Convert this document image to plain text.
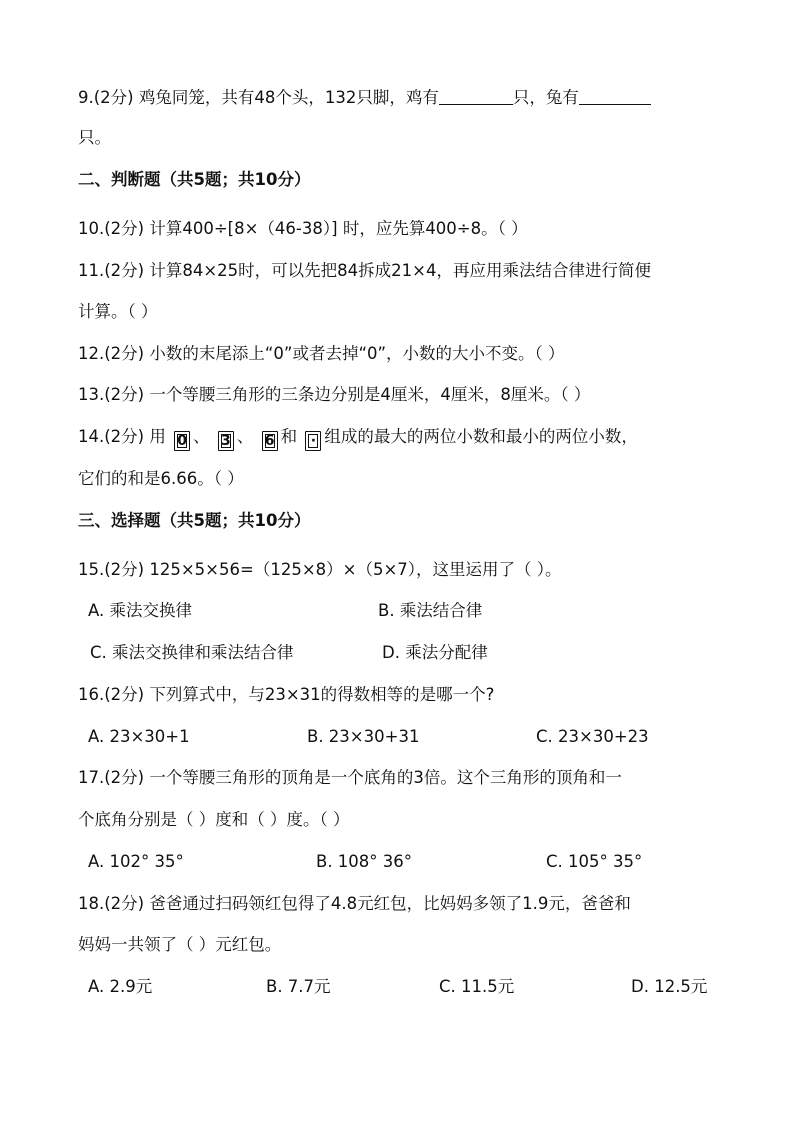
9.(2分) 鸡兔同笼，共有48个头，132只脚，鸡有	只，兔有
只。
二、判断题（共5题；共10分）
10.(2分) 计算400÷[8×（46-38）] 时，应先算400÷8。（ ）
11.(2分) 计算84×25时，可以先把84拆成21×4，再应用乘法结合律进行简便
计算。（ ）
12.(2分) 小数的末尾添上“0”或者去掉“0”，小数的大小不变。（ ）
13.(2分) 一个等腰三角形的三条边分别是4厘米，4厘米，8厘米。（ ）
14.(2分) 用 0 、 3 、 6 和 · 组成的最大的两位小数和最小的两位小数，
它们的和是6.66。（ ）
三、选择题（共5题；共10分）
15.(2分) 125×5×56=（125×8）×（5×7），这里运用了（ ）。
A. 乘法交换律	B. 乘法结合律
C. 乘法交换律和乘法结合律	D. 乘法分配律
16.(2分) 下列算式中，与23×31的得数相等的是哪一个?
A. 23×30+1	B. 23×30+31	C. 23×30+23
17.(2分) 一个等腰三角形的顶角是一个底角的3倍。这个三角形的顶角和一
个底角分别是（ ）度和（ ）度。（ ）
A. 102° 35°	B. 108° 36°	C. 105° 35°
18.(2分) 爸爸通过扫码领红包得了4.8元红包，比妈妈多领了1.9元，爸爸和
妈妈一共领了（ ）元红包。
A. 2.9元	B. 7.7元	C. 11.5元	D. 12.5元
